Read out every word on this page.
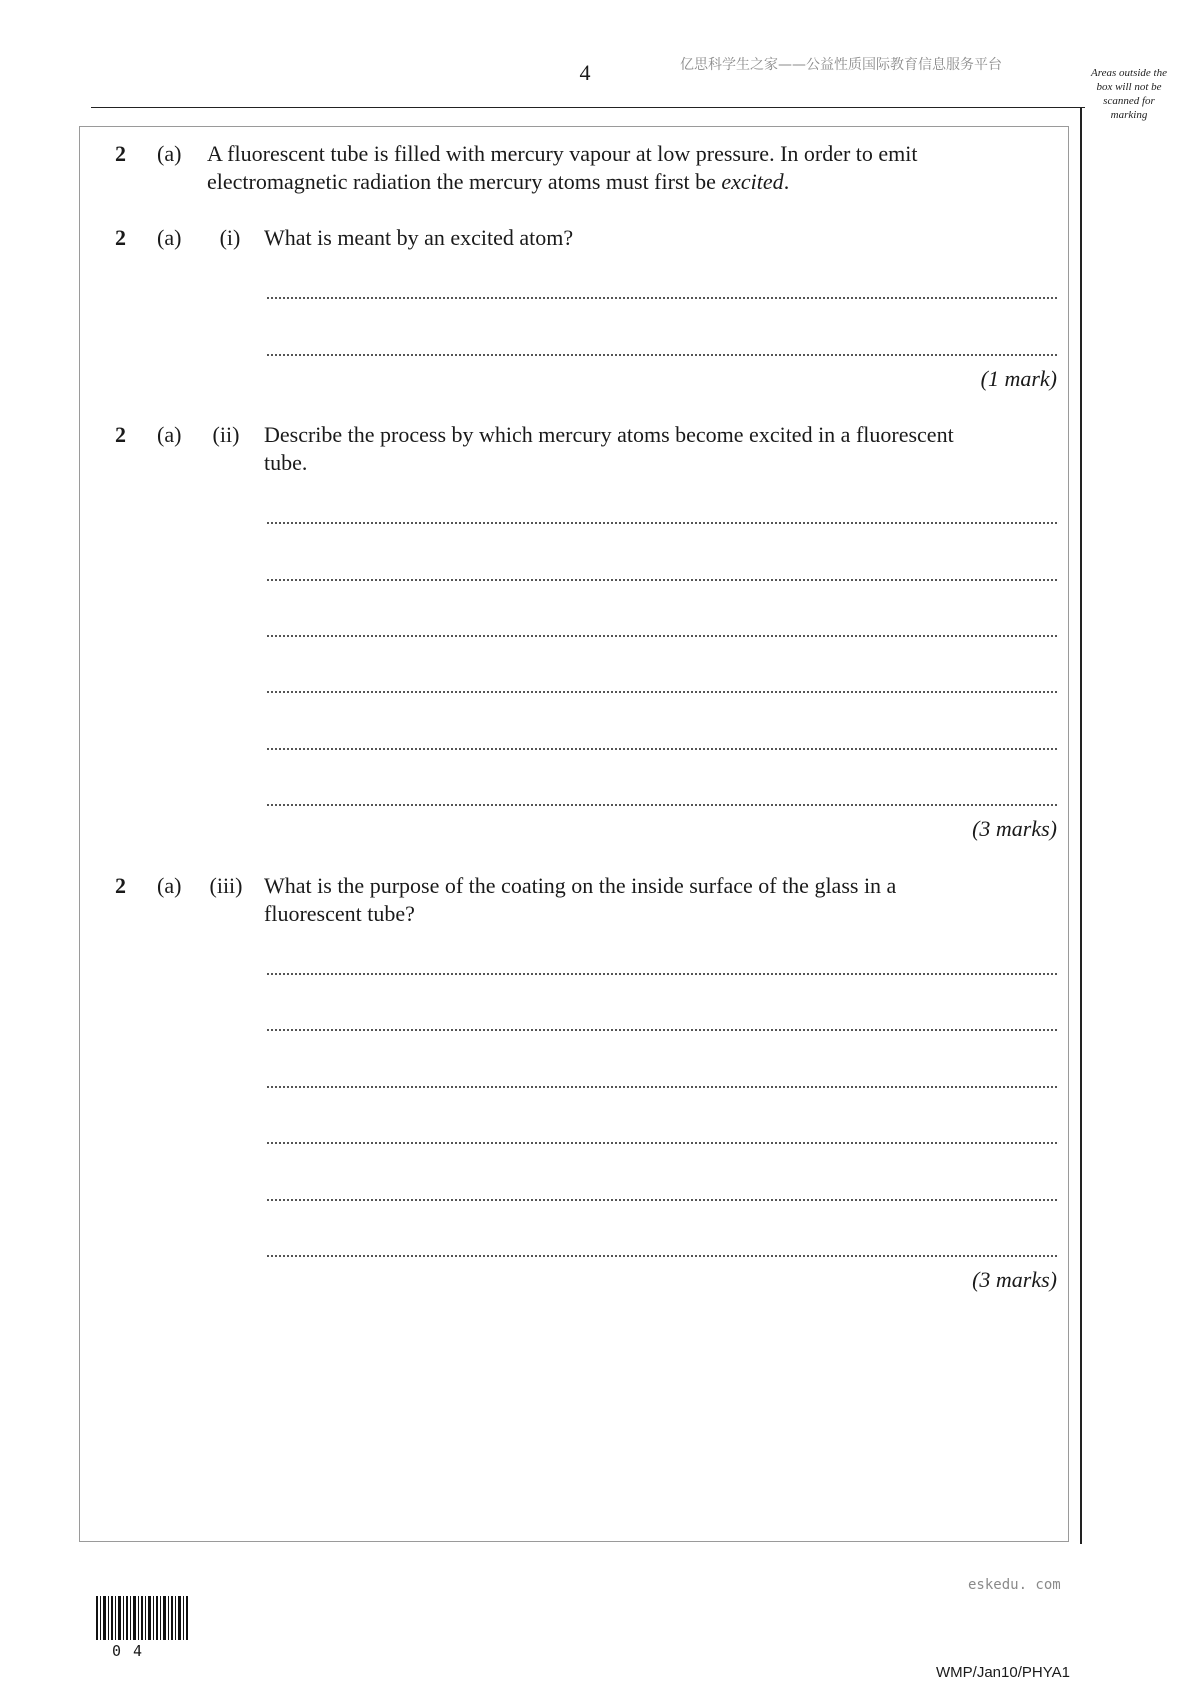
4	亿思科学生之家——公益性质国际教育信息服务平台	Areas outside the box will not be scanned for marking
2 (a) A fluorescent tube is filled with mercury vapour at low pressure. In order to emit
electromagnetic radiation the mercury atoms must first be excited.
2 (a)	(i)	What is meant by an excited atom?
(1 mark)
2 (a)	(ii)	Describe the process by which mercury atoms become excited in a fluorescent
tube.
(3 marks)
2 (a)	(iii) What is the purpose of the coating on the inside surface of the glass in a
fluorescent tube?
(3 marks)
eskedu. com
04
WMP/Jan10/PHYA1
